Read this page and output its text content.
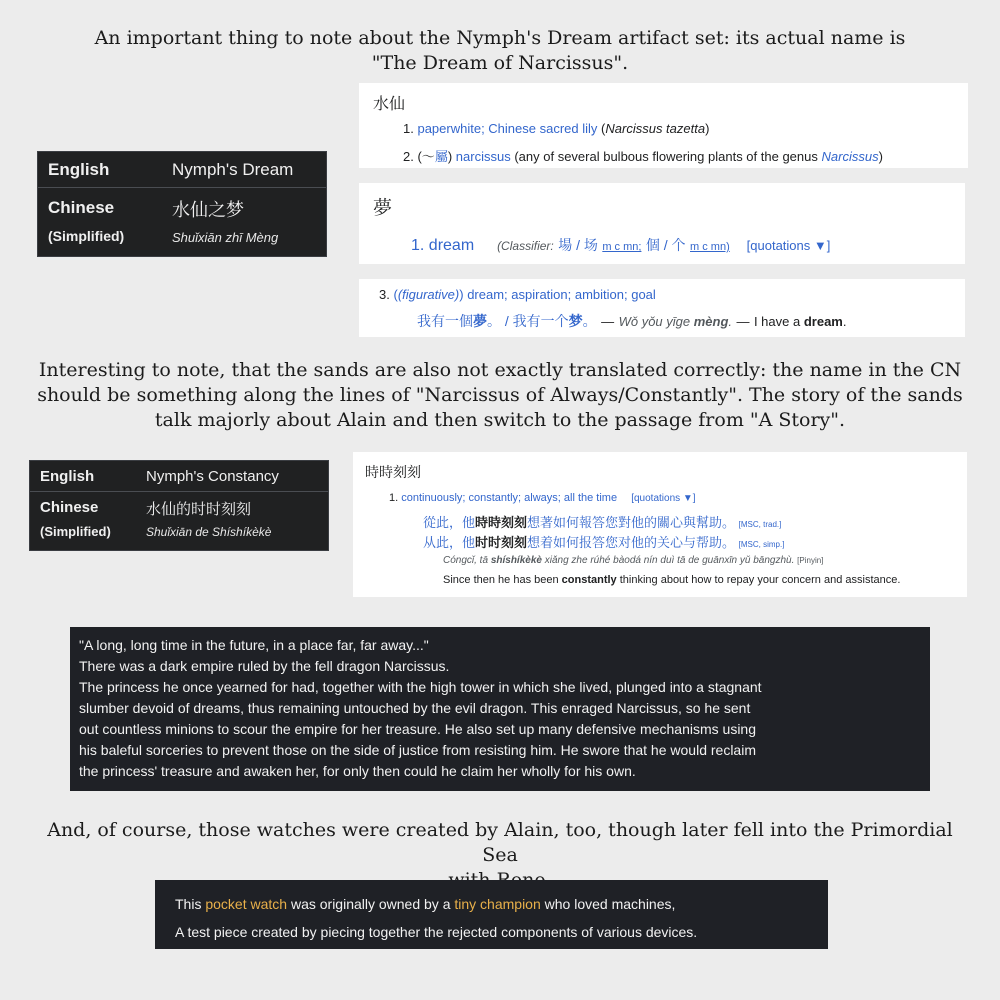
An important thing to note about the Nymph's Dream artifact set: its actual name is
"The Dream of Narcissus".
English	Nymph's Dream
Chinese
(Simplified)
水仙之梦
Shuǐxiān zhī Mèng
水仙
1. paperwhite; Chinese sacred lily (Narcissus tazetta)
2. (～屬) narcissus (any of several bulbous flowering plants of the genus Narcissus)
夢
1. dream (Classifier: 場 / 场 m c mn; 個 / 个 m c mn) [quotations ▼]
3. ((figurative)) dream; aspiration; ambition; goal
我有一個夢。 / 我有一个梦。 — Wǒ yǒu yīge mèng. — I have a dream.
Interesting to note, that the sands are also not exactly translated correctly: the name in the CN
should be something along the lines of "Narcissus of Always/Constantly". The story of the sands
talk majorly about Alain and then switch to the passage from "A Story".
English	Nymph's Constancy
Chinese
(Simplified)
水仙的时时刻刻
Shuǐxiān de Shíshíkèkè
時時刻刻
1. continuously; constantly; always; all the time [quotations ▼]
從此，他時時刻刻想著如何報答您對他的關心與幫助。 [MSC, trad.]
从此，他时时刻刻想着如何报答您对他的关心与帮助。 [MSC, simp.]
Cóngcǐ, tā shíshíkèkè xiǎng zhe rúhé bàodá nín duì tā de guānxīn yǔ bāngzhù. [Pinyin]
Since then he has been constantly thinking about how to repay your concern and assistance.
"A long, long time in the future, in a place far, far away..."
There was a dark empire ruled by the fell dragon Narcissus.
The princess he once yearned for had, together with the high tower in which she lived, plunged into a stagnant
slumber devoid of dreams, thus remaining untouched by the evil dragon. This enraged Narcissus, so he sent
out countless minions to scour the empire for her treasure. He also set up many defensive mechanisms using
his baleful sorceries to prevent those on the side of justice from resisting him. He swore that he would reclaim
the princess' treasure and awaken her, for only then could he claim her wholly for his own.
And, of course, those watches were created by Alain, too, though later fell into the Primordial Sea
This pocket watch was originally owned by a tiny champion who loved machines,
A test piece created by piecing together the rejected components of various devices.
